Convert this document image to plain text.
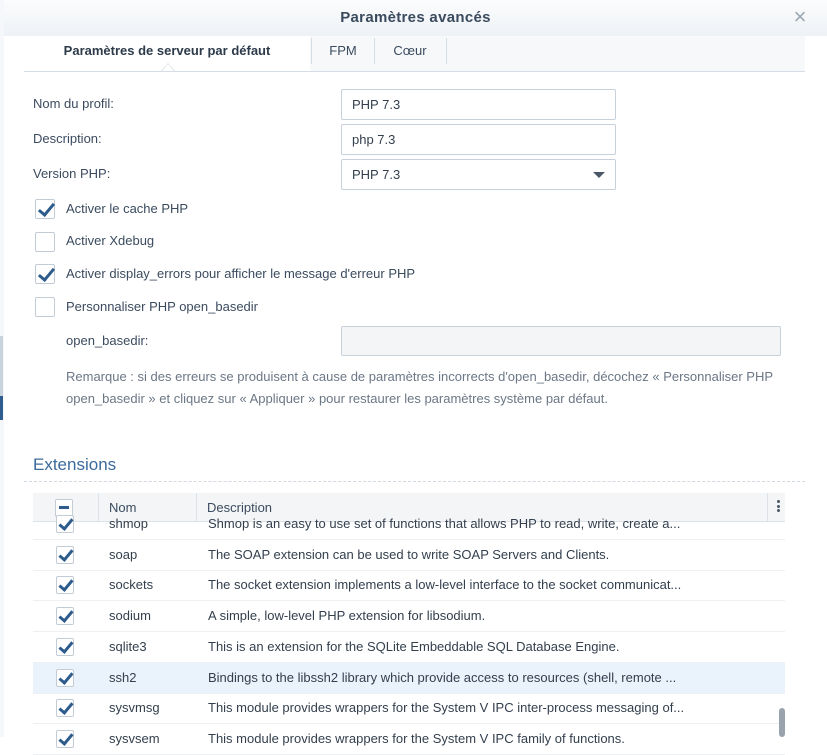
Paramètres avancés	×
Paramètres de serveur par défaut	FPM	Cœur
Nom du profil:
PHP 7.3
Description:
php 7.3
Version PHP:	PHP 7.3
Activer le cache PHP
Activer Xdebug
Activer display_errors pour afficher le message d'erreur PHP
Personnaliser PHP open_basedir
open_basedir:
Remarque : si des erreurs se produisent à cause de paramètres incorrects d'open_basedir, décochez « Personnaliser PHP open_basedir » et cliquez sur « Appliquer » pour restaurer les paramètres système par défaut.
Extensions
Nom	Description
shmop	Shmop is an easy to use set of functions that allows PHP to read, write, create a...
soap	The SOAP extension can be used to write SOAP Servers and Clients.
sockets	The socket extension implements a low-level interface to the socket communicat...
sodium	A simple, low-level PHP extension for libsodium.
sqlite3	This is an extension for the SQLite Embeddable SQL Database Engine.
ssh2	Bindings to the libssh2 library which provide access to resources (shell, remote ...
sysvmsg	This module provides wrappers for the System V IPC inter-process messaging of...
sysvsem	This module provides wrappers for the System V IPC family of functions.
